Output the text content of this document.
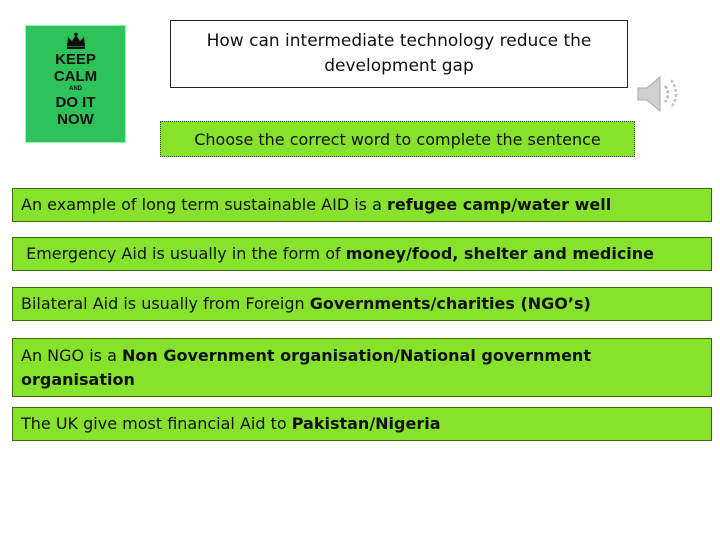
KEEP
CALM
AND
DO IT
NOW
How can intermediate technology reduce the
development gap
Choose the correct word to complete the sentence
An example of long term sustainable AID is a refugee camp/water well
Emergency Aid is usually in the form of money/food, shelter and medicine
Bilateral Aid is usually from Foreign Governments/charities (NGO’s)
An NGO is a Non Government organisation/National government organisation
The UK give most financial Aid to Pakistan/Nigeria
